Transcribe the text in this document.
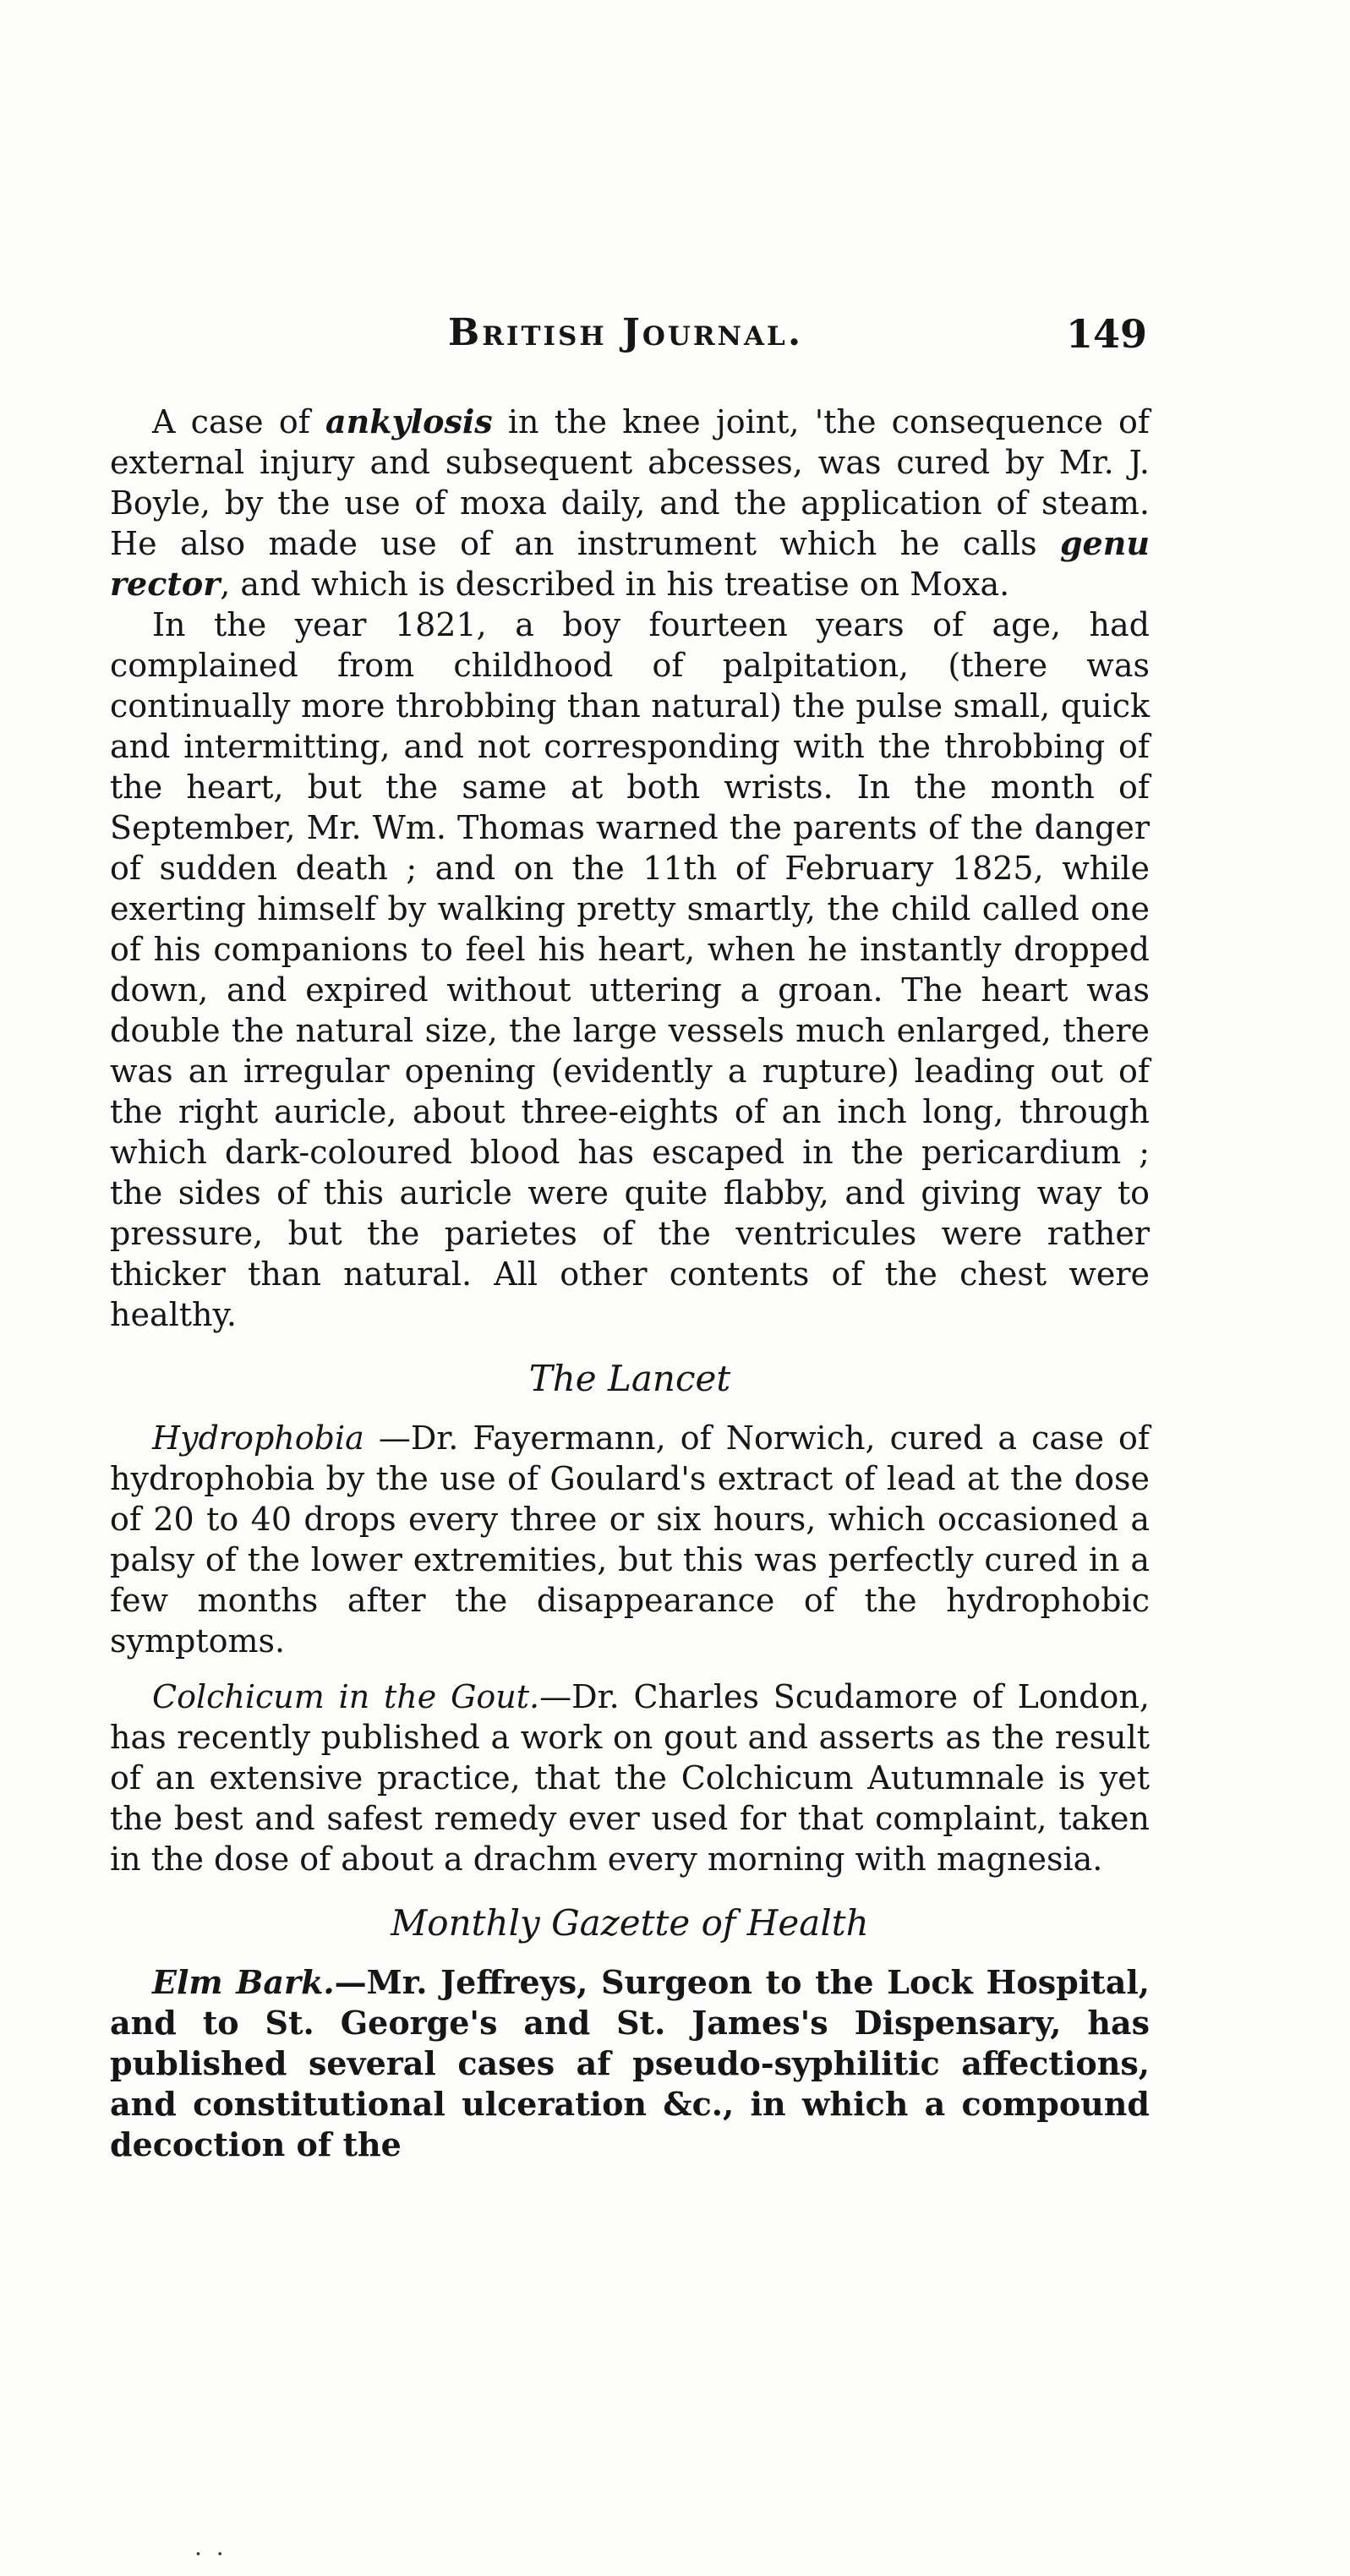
British Journal.	149

A case of ankylosis in the knee joint, 'the consequence of external injury and subsequent abcesses, was cured by Mr. J. Boyle, by the use of moxa daily, and the application of steam. He also made use of an instrument which he calls genu rector, and which is described in his treatise on Moxa.

In the year 1821, a boy fourteen years of age, had complained from childhood of palpitation, (there was continually more throbbing than natural) the pulse small, quick and intermitting, and not corresponding with the throbbing of the heart, but the same at both wrists. In the month of September, Mr. Wm. Thomas warned the parents of the danger of sudden death ; and on the 11th of February 1825, while exerting himself by walking pretty smartly, the child called one of his companions to feel his heart, when he instantly dropped down, and expired without uttering a groan. The heart was double the natural size, the large vessels much enlarged, there was an irregular opening (evidently a rupture) leading out of the right auricle, about three-eights of an inch long, through which dark-coloured blood has escaped in the pericardium ; the sides of this auricle were quite flabby, and giving way to pressure, but the parietes of the ventricules were rather thicker than natural. All other contents of the chest were healthy.

The Lancet

Hydrophobia —Dr. Fayermann, of Norwich, cured a case of hydrophobia by the use of Goulard's extract of lead at the dose of 20 to 40 drops every three or six hours, which occasioned a palsy of the lower extremities, but this was perfectly cured in a few months after the disappearance of the hydrophobic symptoms.

Colchicum in the Gout.—Dr. Charles Scudamore of London, has recently published a work on gout and asserts as the result of an extensive practice, that the Colchicum Autumnale is yet the best and safest remedy ever used for that complaint, taken in the dose of about a drachm every morning with magnesia.

Monthly Gazette of Health

Elm Bark.—Mr. Jeffreys, Surgeon to the Lock Hospital, and to St. George's and St. James's Dispensary, has published several cases af pseudo-syphilitic affections, and constitutional ulceration &c., in which a compound decoction of the

. .
